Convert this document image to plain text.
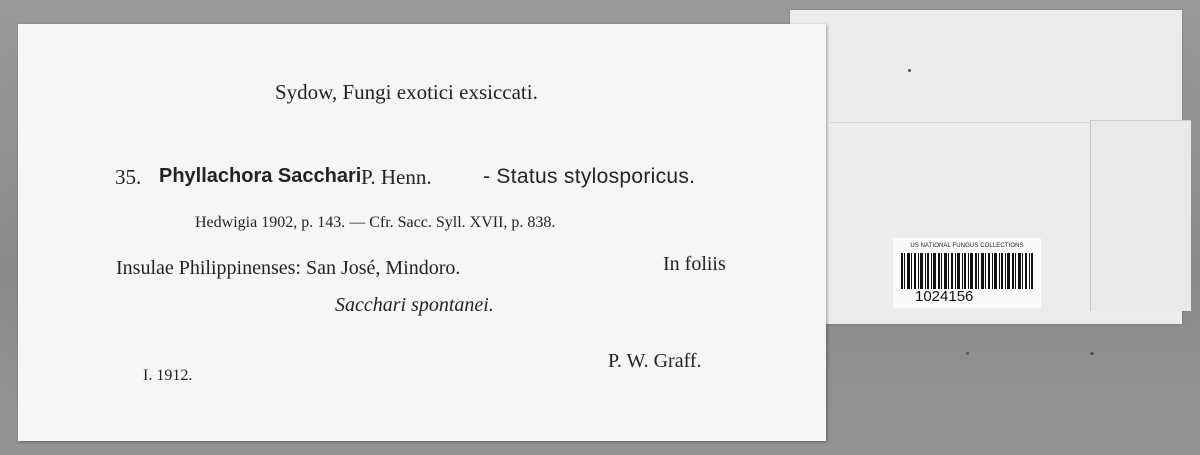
US NATIONAL FUNGUS COLLECTIONS
1024156
Sydow, Fungi exotici exsiccati.
35. Phyllachora Sacchari P. Henn. - Status stylosporicus.
Hedwigia 1902, p. 143. — Cfr. Sacc. Syll. XVII, p. 838.
Insulae Philippinenses: San José, Mindoro.	In foliis
Sacchari spontanei.
P. W. Graff.
I. 1912.
